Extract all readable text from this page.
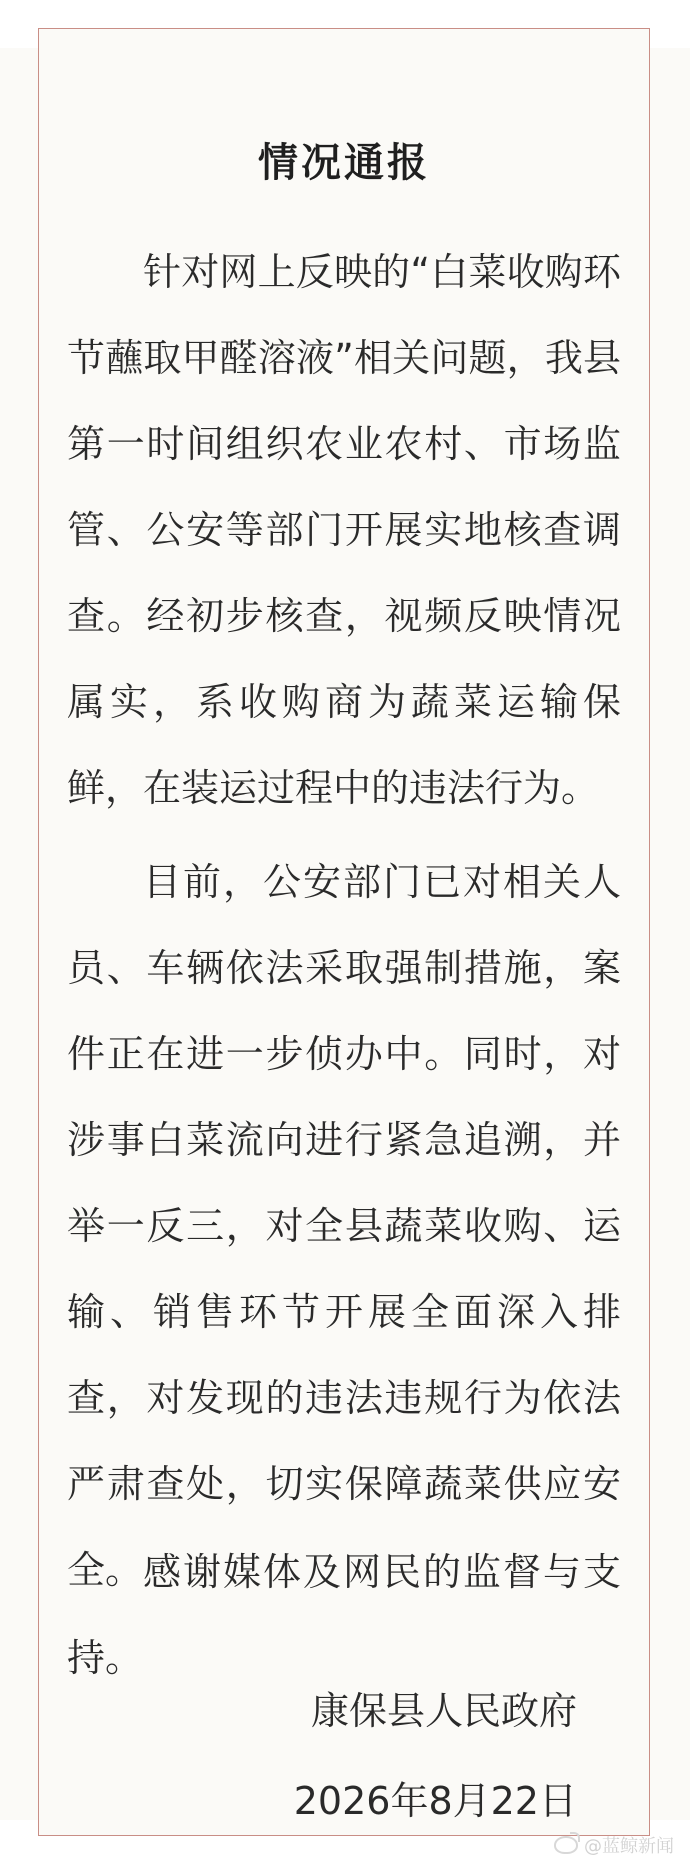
情况通报

针对网上反映的“白菜收购环节蘸取甲醛溶液”相关问题，我县第一时间组织农业农村、市场监管、公安等部门开展实地核查调查。经初步核查，视频反映情况属实，系收购商为蔬菜运输保鲜，在装运过程中的违法行为。

目前，公安部门已对相关人员、车辆依法采取强制措施，案件正在进一步侦办中。同时，对涉事白菜流向进行紧急追溯，并举一反三，对全县蔬菜收购、运输、销售环节开展全面深入排查，对发现的违法违规行为依法严肃查处，切实保障蔬菜供应安全。 感谢媒体及网民的监督与支持。

康保县人民政府
2026年8月22日
@蓝鲸新闻
